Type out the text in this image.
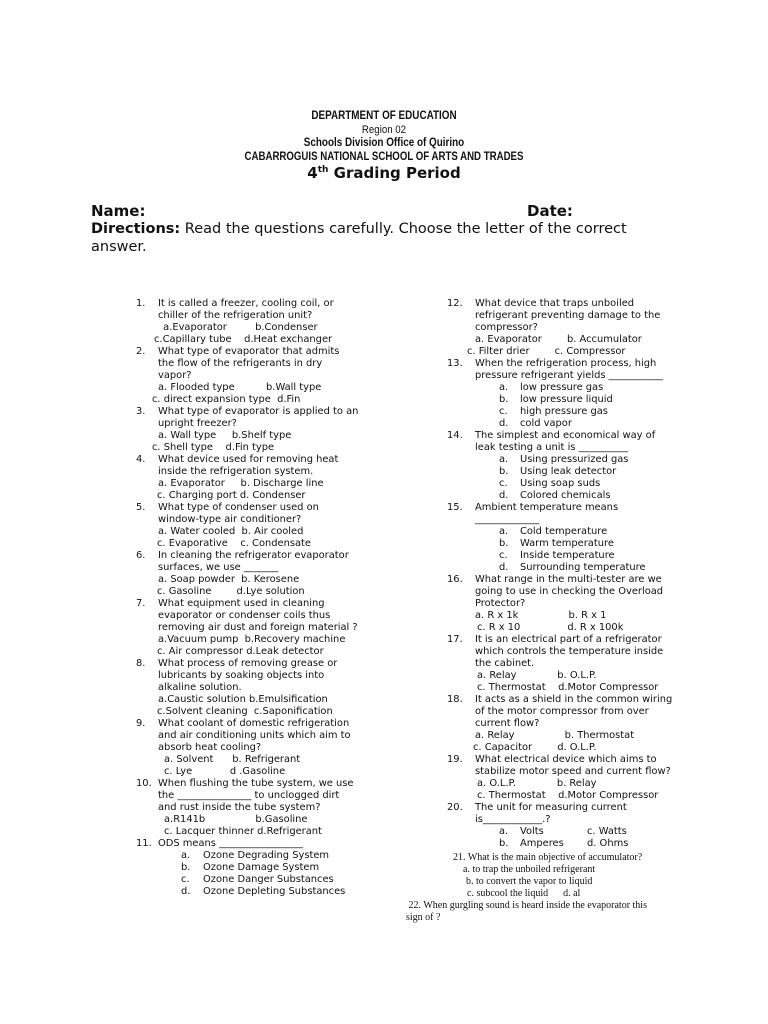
DEPARTMENT OF EDUCATION
Region 02
Schools Division Office of Quirino
CABARROGUIS NATIONAL SCHOOL OF ARTS AND TRADES
4th Grading Period
Name:	Date:
Directions: Read the questions carefully. Choose the letter of the correct answer.
1. It is called a freezer, cooling coil, or
chiller of the refrigeration unit?
a.Evaporator         b.Condenser
c.Capillary tube    d.Heat exchanger
2. What type of evaporator that admits
the flow of the refrigerants in dry
vapor?
a. Flooded type          b.Wall type
c. direct expansion type  d.Fin
3. What type of evaporator is applied to an
upright freezer?
a. Wall type     b.Shelf type
c. Shell type    d.Fin type
4. What device used for removing heat
inside the refrigeration system.
a. Evaporator     b. Discharge line
c. Charging port d. Condenser
5. What type of condenser used on
window-type air conditioner?
a. Water cooled  b. Air cooled
c. Evaporative    c. Condensate
6. In cleaning the refrigerator evaporator
surfaces, we use _______
a. Soap powder  b. Kerosene
c. Gasoline        d.Lye solution
7. What equipment used in cleaning
evaporator or condenser coils thus
removing air dust and foreign material ?
a.Vacuum pump  b.Recovery machine
c. Air compressor d.Leak detector
8. What process of removing grease or
lubricants by soaking objects into
alkaline solution.
a.Caustic solution b.Emulsification
c.Solvent cleaning  c.Saponification
9. What coolant of domestic refrigeration
and air conditioning units which aim to
absorb heat cooling?
a. Solvent      b. Refrigerant
c. Lye            d .Gasoline
10. When flushing the tube system, we use
the _______________ to unclogged dirt
and rust inside the tube system?
a.R141b                b.Gasoline
c. Lacquer thinner d.Refrigerant
11. ODS means _________________
a. Ozone Degrading System
b. Ozone Damage System
c. Ozone Danger Substances
d. Ozone Depleting Substances
12. What device that traps unboiled
refrigerant preventing damage to the
compressor?
a. Evaporator        b. Accumulator
c. Filter drier        c. Compressor
13. When the refrigeration process, high
pressure refrigerant yields ___________
a. low pressure gas
b. low pressure liquid
c. high pressure gas
d. cold vapor
14. The simplest and economical way of
leak testing a unit is __________
a. Using pressurized gas
b. Using leak detector
c. Using soap suds
d. Colored chemicals
15. Ambient temperature means
_____________
a. Cold temperature
b. Warm temperature
c. Inside temperature
d. Surrounding temperature
16. What range in the multi-tester are we
going to use in checking the Overload
Protector?
a. R x 1k                b. R x 1
c. R x 10               d. R x 100k
17. It is an electrical part of a refrigerator
which controls the temperature inside
the cabinet.
a. Relay             b. O.L.P.
c. Thermostat    d.Motor Compressor
18. It acts as a shield in the common wiring
of the motor compressor from over
current flow?
a. Relay                b. Thermostat
c. Capacitor        d. O.L.P.
19. What electrical device which aims to
stabilize motor speed and current flow?
a. O.L.P.             b. Relay
c. Thermostat    d.Motor Compressor
20. The unit for measuring current
is____________.?
a. Volts	c. Watts
b. Amperes d. Ohms
21. What is the main objective of accumulator?
a. to trap the unboiled refrigerant
b. to convert the vapor to liquid
c. subcool the liquid      d. al
22. When gurgling sound is heard inside the evaporator this
sign of ?
